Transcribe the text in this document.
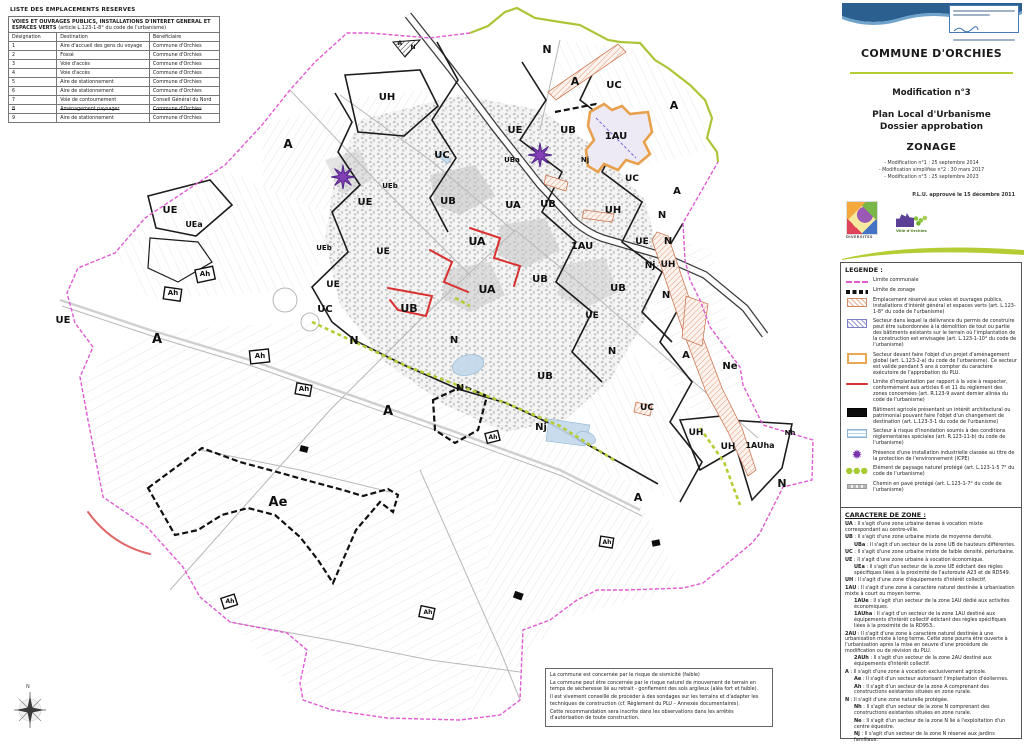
A
N
UH
A
N
A	UC
A
UE	UB
1AU
UC	UBa	Nj
UC
A
UEb
UE
UEa
UE	UB	UA UB
UH	N
UA	1AU	UE N
UEb	UE
UE
Nj UH
Ah
Ah
UB
UA	UB
UE
UC	UB
N
UE
A	N	N
Ah	N	A
Ne
UB
N
Ah
A	UC
Nj
Ah	UH
UH 1AUha
Nh
N
A
Ae
Ah
Ah
Ah
LISTE DES EMPLACEMENTS RESERVES
VOIES ET OUVRAGES PUBLICS, INSTALLATIONS D'INTERET GENERAL ET ESPACES VERTS (article L.123-1-8° du code de l'urbanisme)		
Désignation	Destination	Bénéficiaire
1	Aire d'accueil des gens du voyage	Commune d'Orchies
2	Fossé	Commune d'Orchies
3	Voie d'accès	Commune d'Orchies
4	Voie d'accès	Commune d'Orchies
5	Aire de stationnement	Commune d'Orchies
6	Aire de stationnement	Commune d'Orchies
7	Voie de contournement	Conseil Général du Nord
8	Aménagement paysager	Commune d'Orchies
9	Aire de stationnement	Commune d'Orchies
COMMUNE D'ORCHIES
Modification n°3
Plan Local d'Urbanisme
Dossier approbation
ZONAGE
- Modification n°1 : 25 septembre 2014
- Modification simplifiée n°2 : 30 mars 2017
- Modification n°3 : 25 septembre 2023
P.L.U. approuvé le 15 décembre 2011
DIVERSITES
Ville d'Orchies
LEGENDE :
Limite communale
Limite de zonage
Emplacement réservé aux voies et ouvrages publics, installations d'intérêt général et espaces verts (art. L.123-1-8° du code de l'urbanisme)
Secteur dans lequel la délivrance du permis de construire peut être subordonnée à la démolition de tout ou partie des bâtiments existants sur le terrain où l'implantation de la construction est envisagée (art. L.123-1-10° du code de l'urbanisme)
Secteur devant faire l'objet d'un projet d'aménagement global (art. L.123-2-a) du code de l'urbanisme). Ce secteur est valide pendant 5 ans à compter du caractère exécutoire de l'approbation du PLU.
Limite d'implantation par rapport à la voie à respecter, conformément aux articles 6 et 11 du règlement des zones concernées (art. R.123-9 avant dernier alinéa du code de l'urbanisme)
Bâtiment agricole présentant un intérêt architectural ou patrimonial pouvant faire l'objet d'un changement de destination (art. L.123-3-1 du code de l'urbanisme)
Secteur à risque d'inondation soumis à des conditions réglementaires spéciales (art. R.123-11-b) du code de l'urbanisme)
✹ Présence d'une installation industrielle classée au titre de la protection de l'environnement (ICPE)
●●● Elément de paysage naturel protégé (art. L.123-1-5 7° du code de l'urbanisme)
Chemin en pavé protégé (art. L.123-1-7° du code de l'urbanisme)
CARACTERE DE ZONE :
UA : Il s'agit d'une zone urbaine dense à vocation mixte correspondant au centre-ville.
UB : Il s'agit d'une zone urbaine mixte de moyenne densité.
UBa : Il s'agit d'un secteur de la zone UB de hauteurs différentes.
UC : Il s'agit d'une zone urbaine mixte de faible densité, périurbaine.
UE : Il s'agit d'une zone urbaine à vocation économique.
UEa : Il s'agit d'un secteur de la zone UE édictant des règles spécifiques liées à la proximité de l'autoroute A23 et de RD549.
UH : Il s'agit d'une zone d'équipements d'intérêt collectif.
1AU : Il s'agit d'une zone à caractère naturel destinée à urbanisation mixte à court ou moyen terme.
1AUe : Il s'agit d'un secteur de la zone 1AU dédié aux activités économiques.
1AUha : Il s'agit d'un secteur de la zone 1AU destiné aux équipements d'intérêt collectif édictant des règles spécifiques liées à la proximité de la RD953..
2AU : Il s'agit d'une zone à caractère naturel destinée à une urbanisation mixte à long terme. Cette zone pourra être ouverte à l'urbanisation après la mise en oeuvre d'une procédure de modification ou de révision du PLU.
2AUh : Il s'agit d'un secteur de la zone 2AU destiné aux équipements d'intérêt collectif.
A : Il s'agit d'une zone à vocation exclusivement agricole.
Ae : Il s'agit d'un secteur autorisant l'implantation d'éoliennes.
Ah : Il s'agit d'un secteur de la zone A comprenant des constructions existantes situées en zone rurale.
N : Il s'agit d'une zone naturelle protégée.
Nh : Il s'agit d'un secteur de la zone N comprenant des constructions existantes situées en zone rurale.
Ne : Il s'agit d'un secteur de la zone N lié à l'exploitation d'un centre équestre.
Nj : Il s'agit d'un secteur de la zone N réservé aux jardins familiaux.
La commune est concernée par le risque de sismicité (faible)
La commune peut être concernée par le risque naturel de mouvement de terrain en temps de sécheresse lié au retrait - gonflement des sols argileux (aléa fort et faible).
Il est vivement conseillé de procéder à des sondages sur les terrains et d'adapter les techniques de construction (cf. Règlement du PLU – Annexes documentaires).
Cette recommandation sera inscrite dans les observations dans les arrêtés d'autorisation de toute construction.
N
